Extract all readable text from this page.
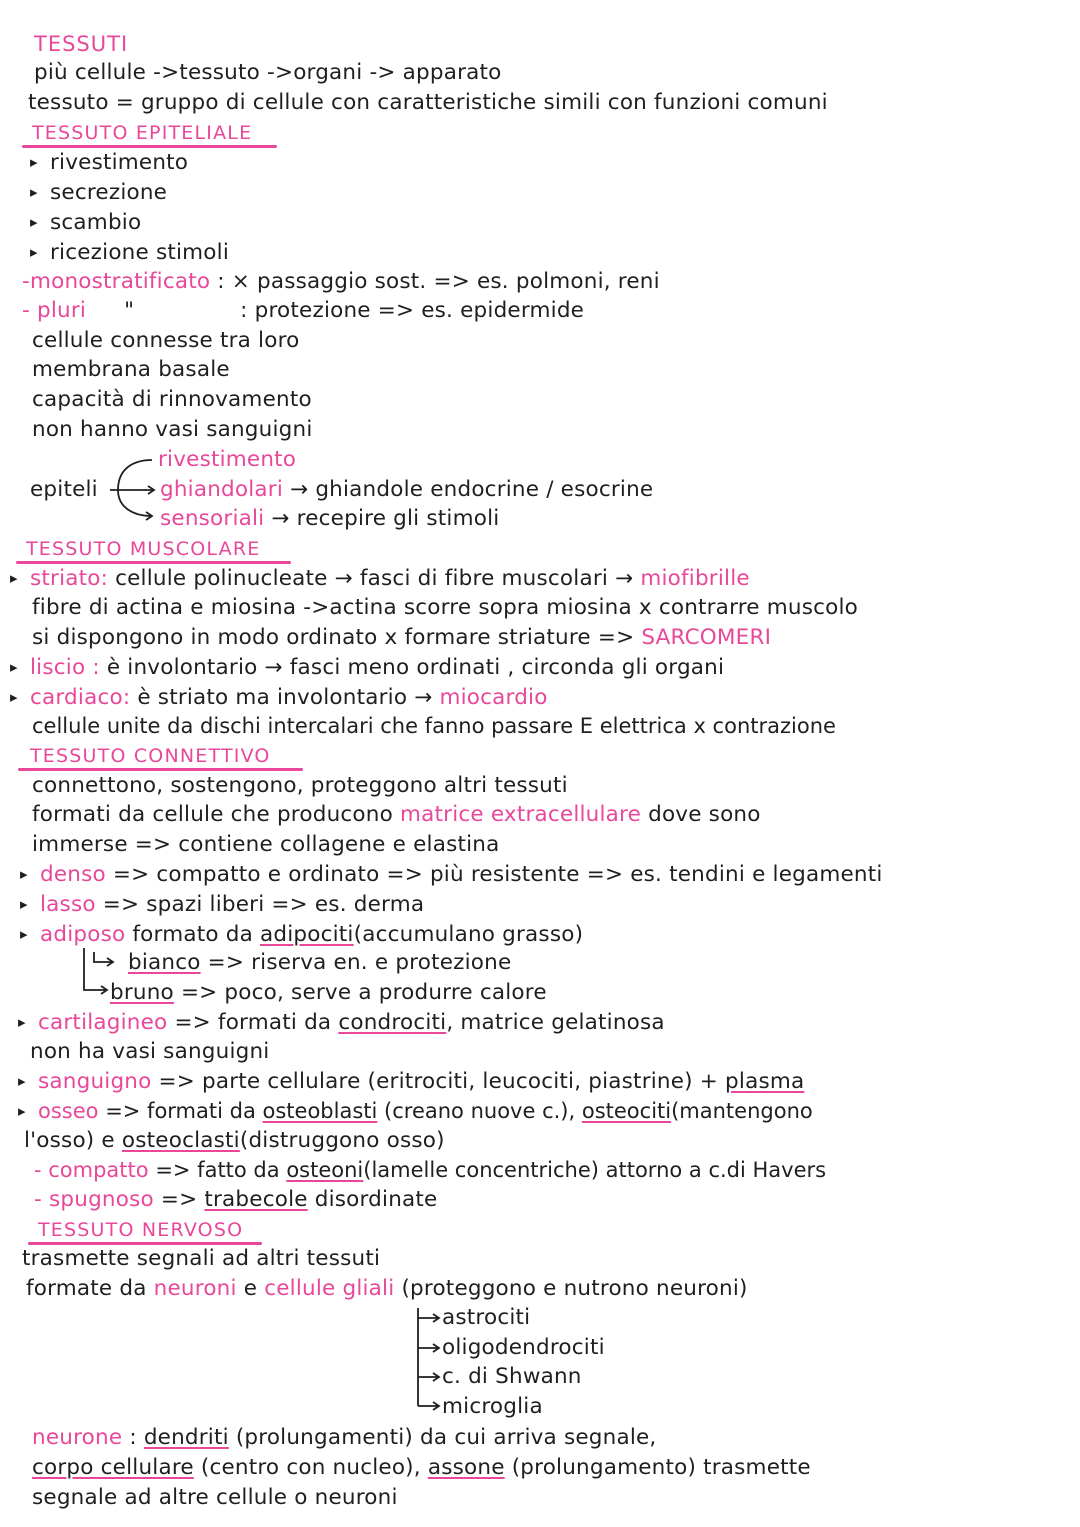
TESSUTI
più cellule ->tessuto ->organi -> apparato
tessuto = gruppo di cellule con caratteristiche simili con funzioni comuni
TESSUTO EPITELIALE
▸ rivestimento
▸ secrezione
▸ scambio
▸ ricezione stimoli
-monostratificato : × passaggio sost. => es. polmoni, reni
- pluri "	: protezione => es. epidermide
cellule connesse tra loro
membrana basale
capacità di rinnovamento
non hanno vasi sanguigni
epiteli
rivestimento
ghiandolari → ghiandole endocrine / esocrine
sensoriali → recepire gli stimoli
TESSUTO MUSCOLARE
▸ striato: cellule polinucleate → fasci di fibre muscolari → miofibrille
fibre di actina e miosina ->actina scorre sopra miosina x contrarre muscolo
si dispongono in modo ordinato x formare striature => SARCOMERI
▸ liscio : è involontario → fasci meno ordinati , circonda gli organi
▸ cardiaco: è striato ma involontario → miocardio
cellule unite da dischi intercalari che fanno passare E elettrica x contrazione
TESSUTO CONNETTIVO
connettono, sostengono, proteggono altri tessuti
formati da cellule che producono matrice extracellulare dove sono
immerse => contiene collagene e elastina
▸ denso => compatto e ordinato => più resistente => es. tendini e legamenti
▸ lasso => spazi liberi => es. derma
▸ adiposo formato da adipociti(accumulano grasso)
bianco => riserva en. e protezione
bruno => poco, serve a produrre calore
▸ cartilagineo => formati da condrociti, matrice gelatinosa
non ha vasi sanguigni
▸ sanguigno => parte cellulare (eritrociti, leucociti, piastrine) + plasma
▸ osseo => formati da osteoblasti (creano nuove c.), osteociti(mantengono
l'osso) e osteoclasti(distruggono osso)
- compatto => fatto da osteoni(lamelle concentriche) attorno a c.di Havers
- spugnoso => trabecole disordinate
TESSUTO NERVOSO
trasmette segnali ad altri tessuti
formate da neuroni e cellule gliali (proteggono e nutrono neuroni)
astrociti
oligodendrociti
c. di Shwann
microglia
neurone : dendriti (prolungamenti) da cui arriva segnale,
corpo cellulare (centro con nucleo), assone (prolungamento) trasmette
segnale ad altre cellule o neuroni
